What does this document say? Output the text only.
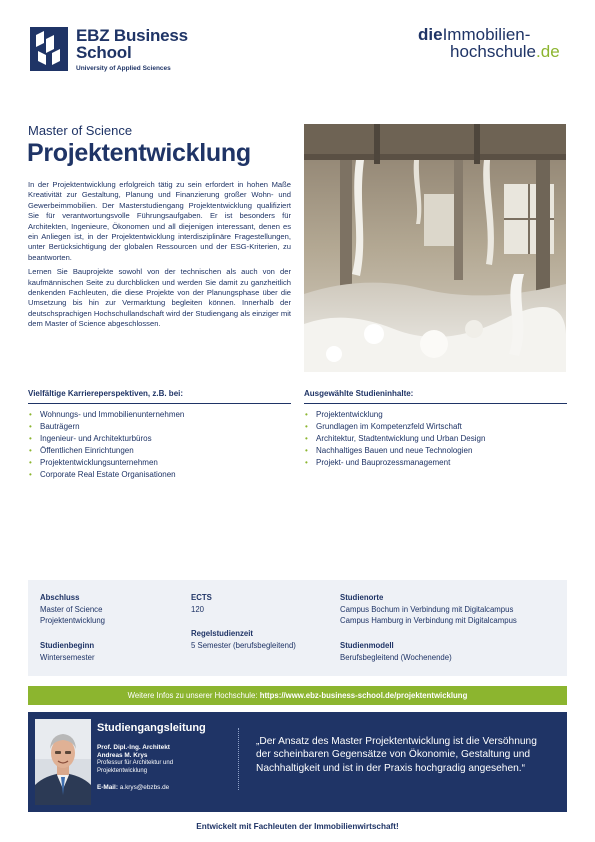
EBZ Business
School
University of Applied Sciences
dieImmobilien-
hochschule.de
Master of Science
Projektentwicklung

In der Projektentwicklung erfolgreich tätig zu sein erfordert in hohen Maße Kreativität zur Gestaltung, Planung und Finanzierung großer Wohn- und Gewerbeimmobilien. Der Masterstudiengang Projektentwicklung qualifiziert Sie für verantwortungsvolle Führungsaufgaben. Er ist besonders für Architekten, Ingenieure, Ökonomen und all diejenigen interessant, denen es ein Anliegen ist, in der Projektentwicklung interdisziplinäre Fragestellungen, unter Berücksichtigung der globalen Ressourcen und der ESG-Kriterien, zu beantworten.

Lernen Sie Bauprojekte sowohl von der technischen als auch von der kaufmännischen Seite zu durchblicken und werden Sie damit zu ganzheitlich denkenden Fachleuten, die diese Projekte von der Planungsphase über die Umsetzung bis hin zur Vermarktung begleiten können. Innerhalb der deutschsprachigen Hochschullandschaft wird der Studiengang als einziger mit dem Master of Science abgeschlossen.

Vielfältige Karriereperspektiven, z.B. bei:
• Wohnungs- und Immobilienunternehmen
• Bauträgern
• Ingenieur- und Architekturbüros
• Öffentlichen Einrichtungen
• Projektentwicklungsunternehmen
• Corporate Real Estate Organisationen
Ausgewählte Studieninhalte:
• Projektentwicklung
• Grundlagen im Kompetenzfeld Wirtschaft
• Architektur, Stadtentwicklung und Urban Design
• Nachhaltiges Bauen und neue Technologien
• Projekt- und Bauprozessmanagement
Abschluss
Master of Science
Projektentwicklung
Studienbeginn
Wintersemester
ECTS
120
Regelstudienzeit
5 Semester (berufsbegleitend)
Studienorte
Campus Bochum in Verbindung mit Digitalcampus
Campus Hamburg in Verbindung mit Digitalcampus
Studienmodell
Berufsbegleitend (Wochenende)
Weitere Infos zu unserer Hochschule: https://www.ebz-business-school.de/projektentwicklung
Studiengangsleitung
Prof. Dipl.-Ing. Architekt
Andreas M. Krys
Professur für Architektur und
Projektentwicklung
E-Mail: a.krys@ebzbs.de
„Der Ansatz des Master Projektentwicklung ist die Versöhnung der scheinbaren Gegensätze von Ökonomie, Gestaltung und Nachhaltigkeit und ist in der Praxis hochgradig angesehen.“
Entwickelt mit Fachleuten der Immobilienwirtschaft!
